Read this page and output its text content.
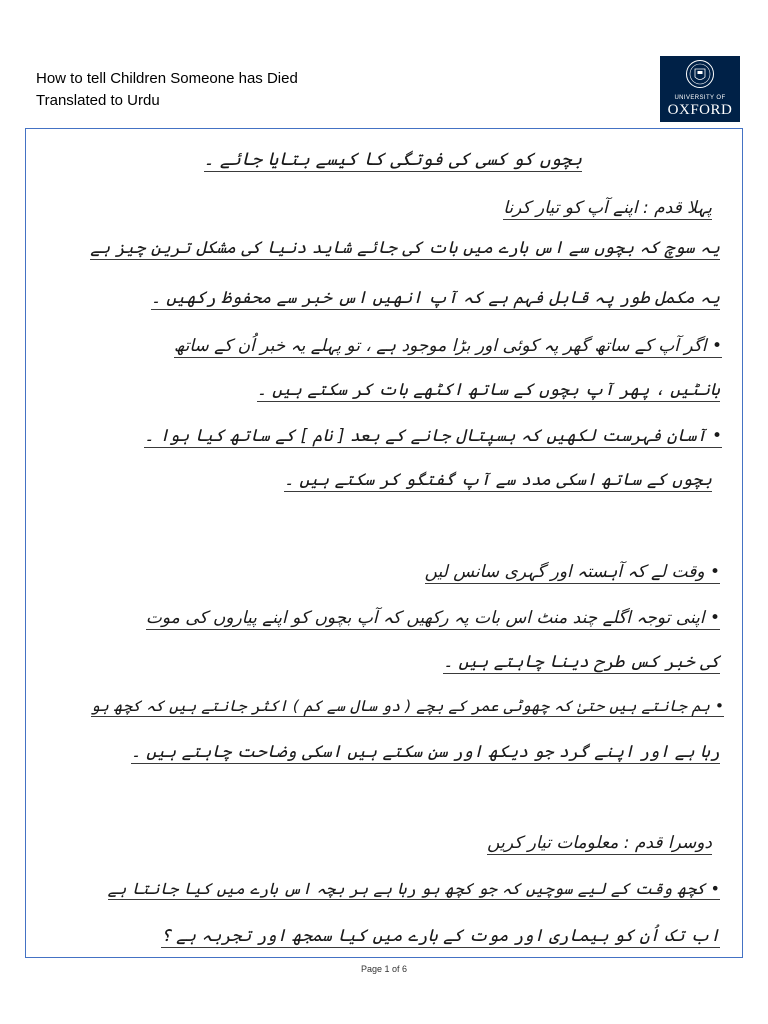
How to tell Children Someone has Died
Translated to Urdu	UNIVERSITY OF
OXFORD
بچوں کو کسی کی فوتگی کا کیسے بتایا جائے ۔
پہلا قدم : اپنے آپ کو تیار کرنا
یہ سوچ کہ بچوں سے اس بارے میں بات کی جائے شاید دنیا کی مشکل ترین چیز ہے
یہ مکمل طور پہ قابل فہم ہے کہ آپ انھیں اس خبر سے محفوظ رکھیں ۔
• اگر آپ کے ساتھ گھر پہ کوئی اور بڑا موجود ہے ، تو پہلے یہ خبر اُن کے ساتھ
بانٹیں ، پھر آپ بچوں کے ساتھ اکٹھے بات کر سکتے ہیں ۔
• آسان فہرست لکھیں کہ ہسپتال جانے کے بعد [ نام ] کے ساتھ کیا ہوا ۔
بچوں کے ساتھ اسکی مدد سے آپ گفتگو کر سکتے ہیں ۔
• وقت لے کہ آہستہ اور گہری سانس لیں
• اپنی توجہ اگلے چند منٹ اس بات پہ رکھیں کہ آپ بچوں کو اپنے پیاروں کی موت
کی خبر کس طرح دینا چاہتے ہیں ۔
• ہم جانتے ہیں حتیٰ کہ چھوٹی عمر کے بچے ( دو سال سے کم ) اکثر جانتے ہیں کہ کچھ ہو
رہا ہے اور اپنے گرد جو دیکھ اور سن سکتے ہیں اسکی وضاحت چاہتے ہیں ۔
دوسرا قدم : معلومات تیار کریں
• کچھ وقت کے لیے سوچیں کہ جو کچھ ہو رہا ہے ہر بچہ اس بارے میں کیا جانتا ہے
اب تک اُن کو بیماری اور موت کے بارے میں کیا سمجھ اور تجربہ ہے ؟
Page 1 of 6
